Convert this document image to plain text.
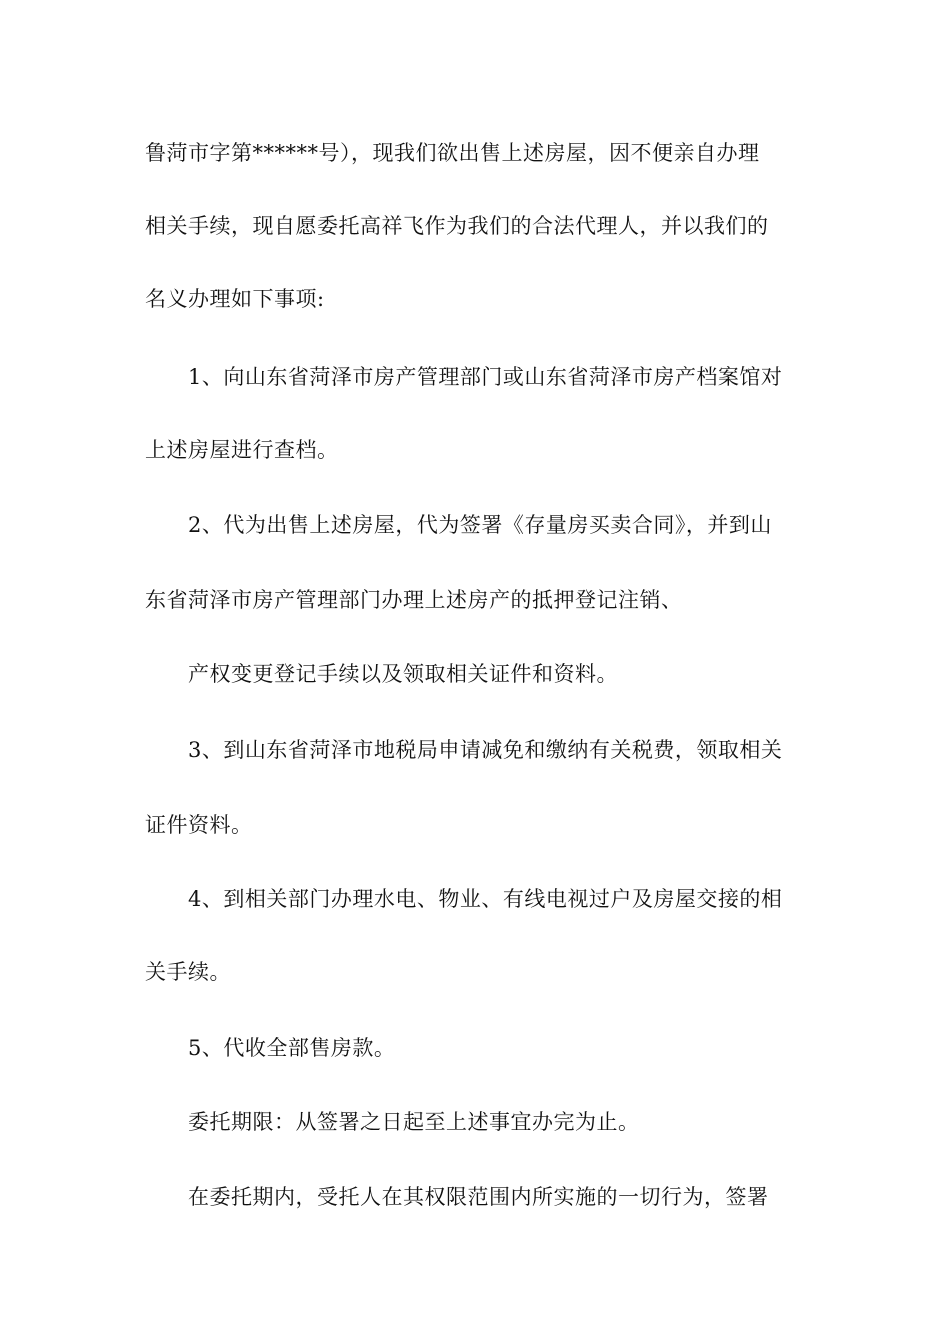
鲁菏市字第******号），现我们欲出售上述房屋，因不便亲自办理
相关手续，现自愿委托高祥飞作为我们的合法代理人，并以我们的
名义办理如下事项:
1、向山东省菏泽市房产管理部门或山东省菏泽市房产档案馆对
上述房屋进行查档。
2、代为出售上述房屋，代为签署《存量房买卖合同》，并到山
东省菏泽市房产管理部门办理上述房产的抵押登记注销、
产权变更登记手续以及领取相关证件和资料。
3、到山东省菏泽市地税局申请减免和缴纳有关税费，领取相关
证件资料。
4、到相关部门办理水电、物业、有线电视过户及房屋交接的相
关手续。
5、代收全部售房款。
委托期限：从签署之日起至上述事宜办完为止。
在委托期内，受托人在其权限范围内所实施的一切行为，签署
